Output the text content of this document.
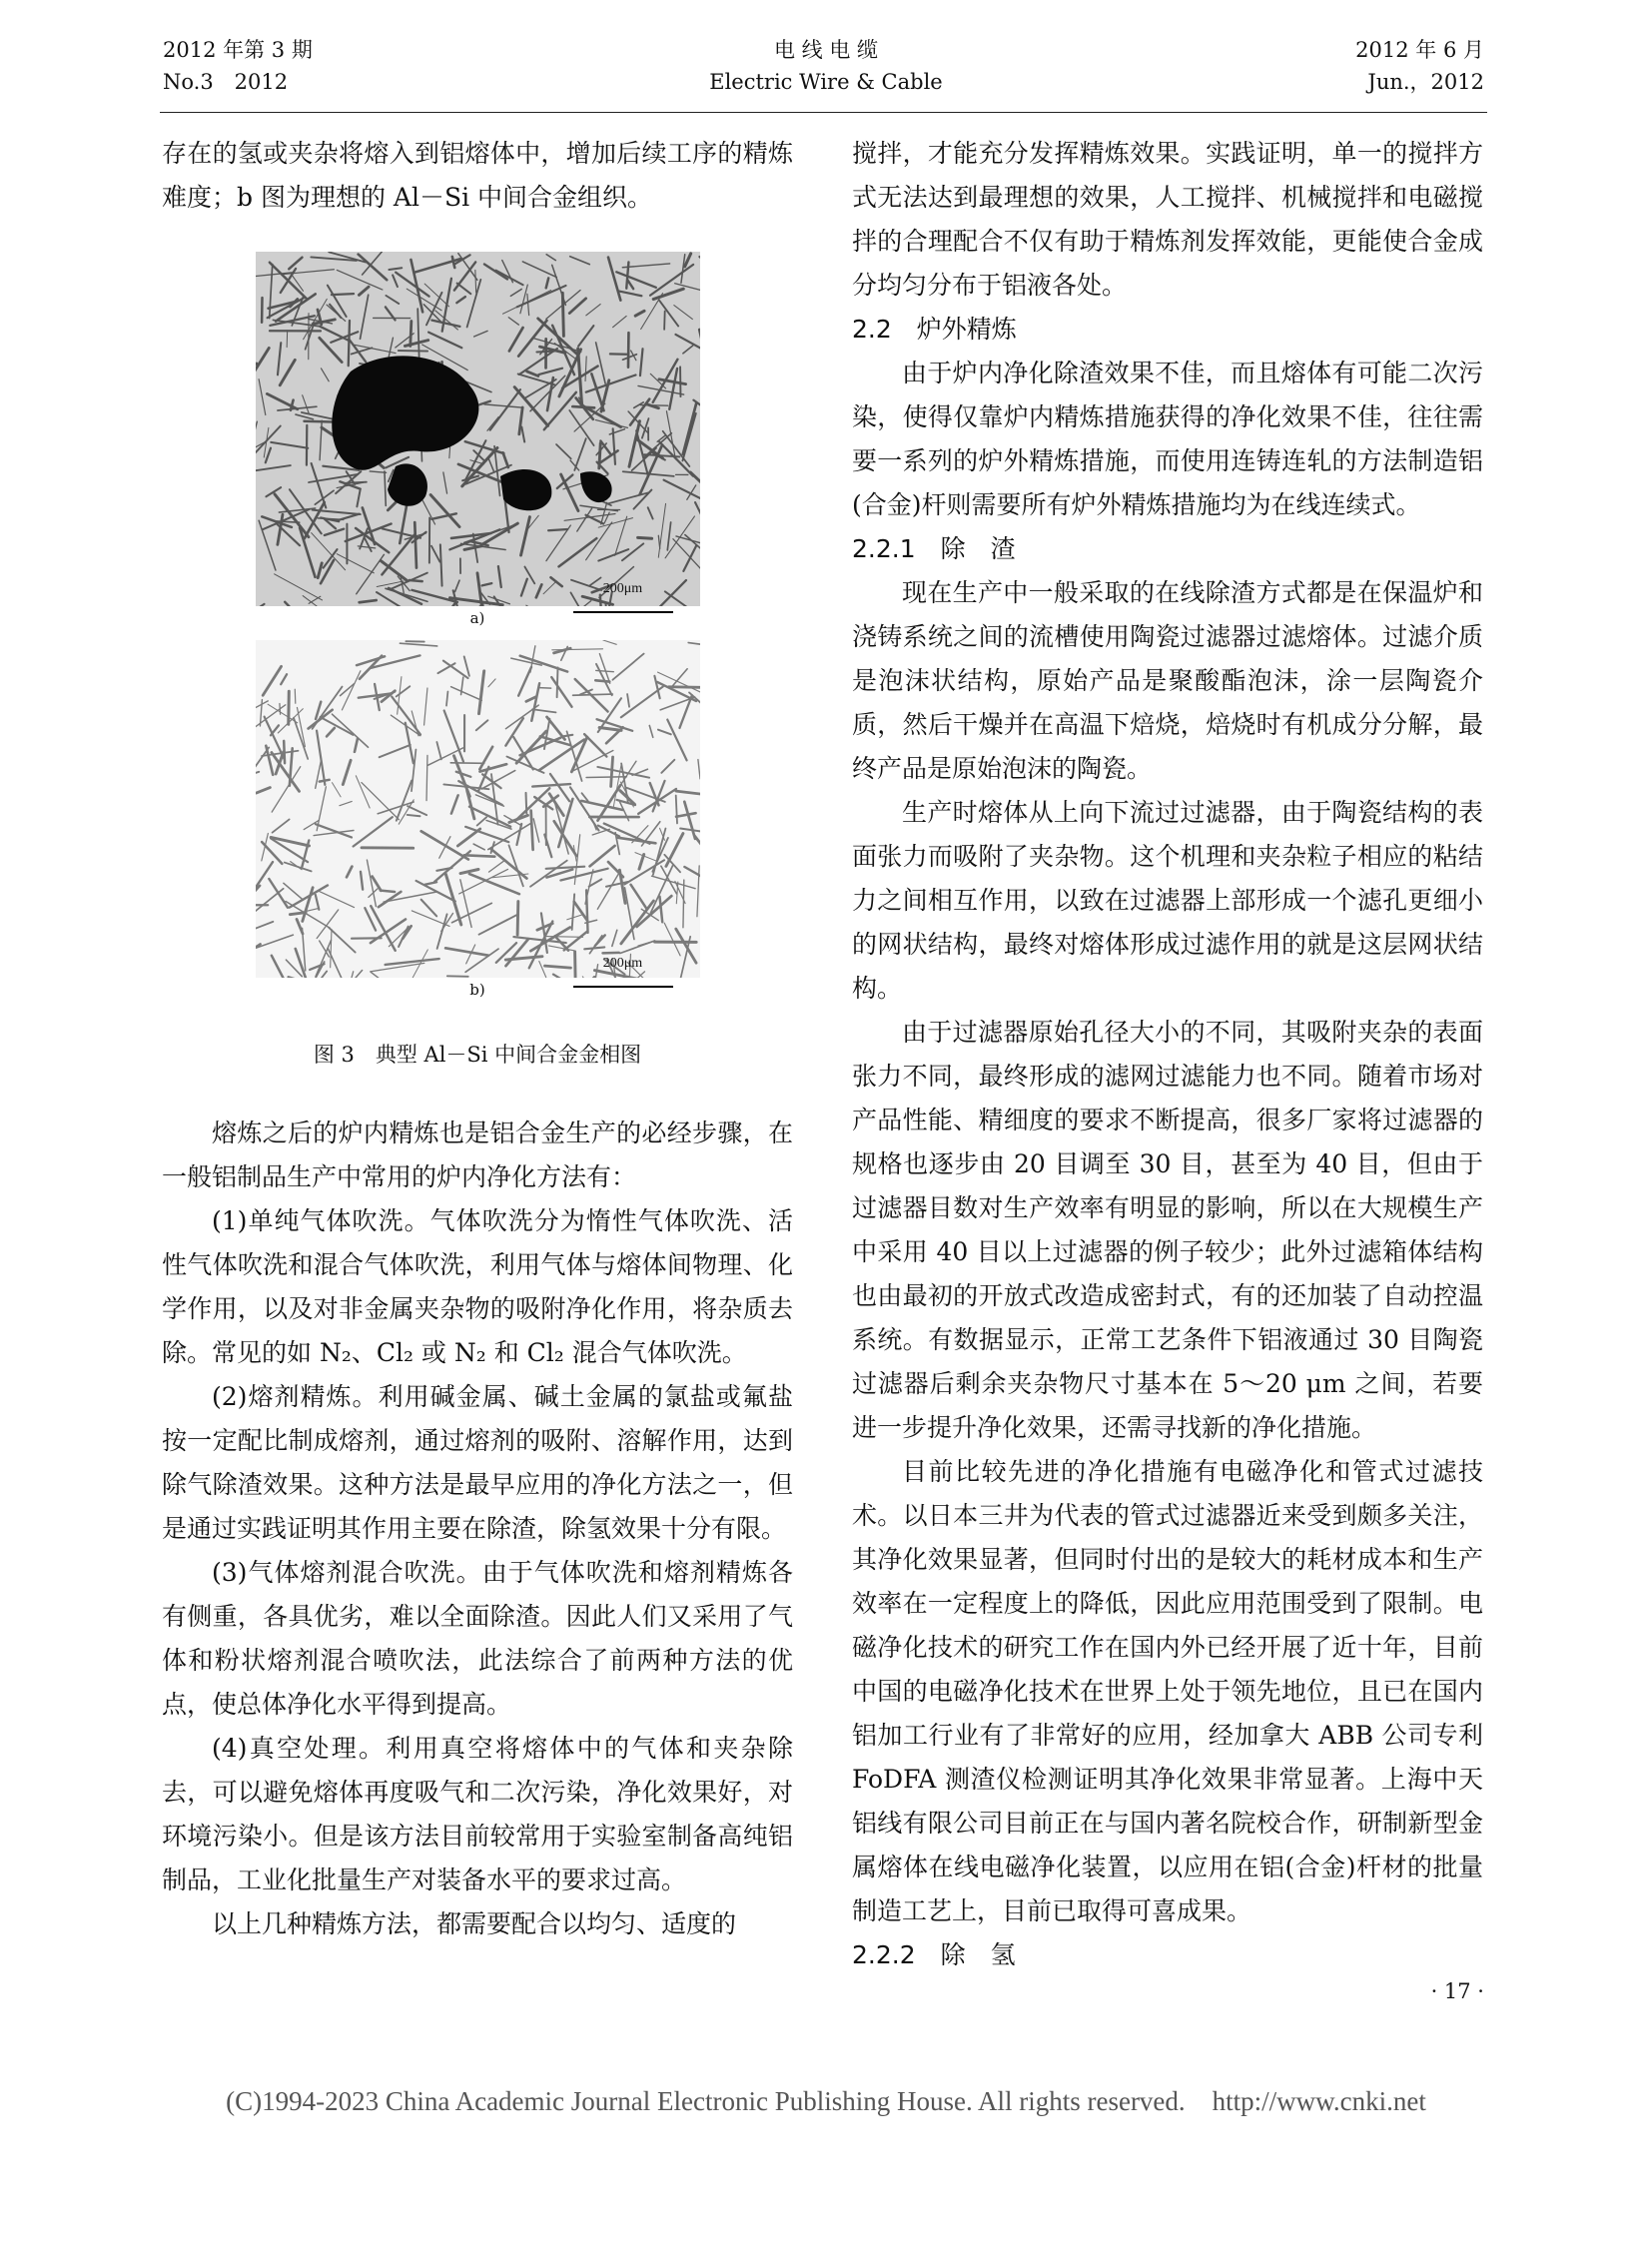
2012 年第 3 期
No.3　2012
电 线 电 缆
Electric Wire & Cable
2012 年 6 月
Jun.，2012

存在的氢或夹杂将熔入到铝熔体中，增加后续工序的精炼难度；b 图为理想的 Al－Si 中间合金组织。

200μm
a)
200μm
b)
图 3　典型 Al－Si 中间合金金相图

熔炼之后的炉内精炼也是铝合金生产的必经步骤，在一般铝制品生产中常用的炉内净化方法有：

(1)单纯气体吹洗。气体吹洗分为惰性气体吹洗、活性气体吹洗和混合气体吹洗，利用气体与熔体间物理、化学作用，以及对非金属夹杂物的吸附净化作用，将杂质去除。常见的如 N₂、Cl₂ 或 N₂ 和 Cl₂ 混合气体吹洗。

(2)熔剂精炼。利用碱金属、碱土金属的氯盐或氟盐按一定配比制成熔剂，通过熔剂的吸附、溶解作用，达到除气除渣效果。这种方法是最早应用的净化方法之一，但是通过实践证明其作用主要在除渣，除氢效果十分有限。

(3)气体熔剂混合吹洗。由于气体吹洗和熔剂精炼各有侧重，各具优劣，难以全面除渣。因此人们又采用了气体和粉状熔剂混合喷吹法，此法综合了前两种方法的优点，使总体净化水平得到提高。

(4)真空处理。利用真空将熔体中的气体和夹杂除去，可以避免熔体再度吸气和二次污染，净化效果好，对环境污染小。但是该方法目前较常用于实验室制备高纯铝制品，工业化批量生产对装备水平的要求过高。

以上几种精炼方法，都需要配合以均匀、适度的

搅拌，才能充分发挥精炼效果。实践证明，单一的搅拌方式无法达到最理想的效果，人工搅拌、机械搅拌和电磁搅拌的合理配合不仅有助于精炼剂发挥效能，更能使合金成分均匀分布于铝液各处。

2.2　炉外精炼

由于炉内净化除渣效果不佳，而且熔体有可能二次污染，使得仅靠炉内精炼措施获得的净化效果不佳，往往需要一系列的炉外精炼措施，而使用连铸连轧的方法制造铝(合金)杆则需要所有炉外精炼措施均为在线连续式。

2.2.1　除　渣

现在生产中一般采取的在线除渣方式都是在保温炉和浇铸系统之间的流槽使用陶瓷过滤器过滤熔体。过滤介质是泡沫状结构，原始产品是聚酸酯泡沫，涂一层陶瓷介质，然后干燥并在高温下焙烧，焙烧时有机成分分解，最终产品是原始泡沫的陶瓷。

生产时熔体从上向下流过过滤器，由于陶瓷结构的表面张力而吸附了夹杂物。这个机理和夹杂粒子相应的粘结力之间相互作用，以致在过滤器上部形成一个滤孔更细小的网状结构，最终对熔体形成过滤作用的就是这层网状结构。

由于过滤器原始孔径大小的不同，其吸附夹杂的表面张力不同，最终形成的滤网过滤能力也不同。随着市场对产品性能、精细度的要求不断提高，很多厂家将过滤器的规格也逐步由 20 目调至 30 目，甚至为 40 目，但由于过滤器目数对生产效率有明显的影响，所以在大规模生产中采用 40 目以上过滤器的例子较少；此外过滤箱体结构也由最初的开放式改造成密封式，有的还加装了自动控温系统。有数据显示，正常工艺条件下铝液通过 30 目陶瓷过滤器后剩余夹杂物尺寸基本在 5～20 μm 之间，若要进一步提升净化效果，还需寻找新的净化措施。

目前比较先进的净化措施有电磁净化和管式过滤技术。以日本三井为代表的管式过滤器近来受到颇多关注，其净化效果显著，但同时付出的是较大的耗材成本和生产效率在一定程度上的降低，因此应用范围受到了限制。电磁净化技术的研究工作在国内外已经开展了近十年，目前中国的电磁净化技术在世界上处于领先地位，且已在国内铝加工行业有了非常好的应用，经加拿大 ABB 公司专利 FoDFA 测渣仪检测证明其净化效果非常显著。上海中天铝线有限公司目前正在与国内著名院校合作，研制新型金属熔体在线电磁净化装置，以应用在铝(合金)杆材的批量制造工艺上，目前已取得可喜成果。

2.2.2　除　氢
· 17 ·
(C)1994-2023 China Academic Journal Electronic Publishing House. All rights reserved.　http://www.cnki.net
